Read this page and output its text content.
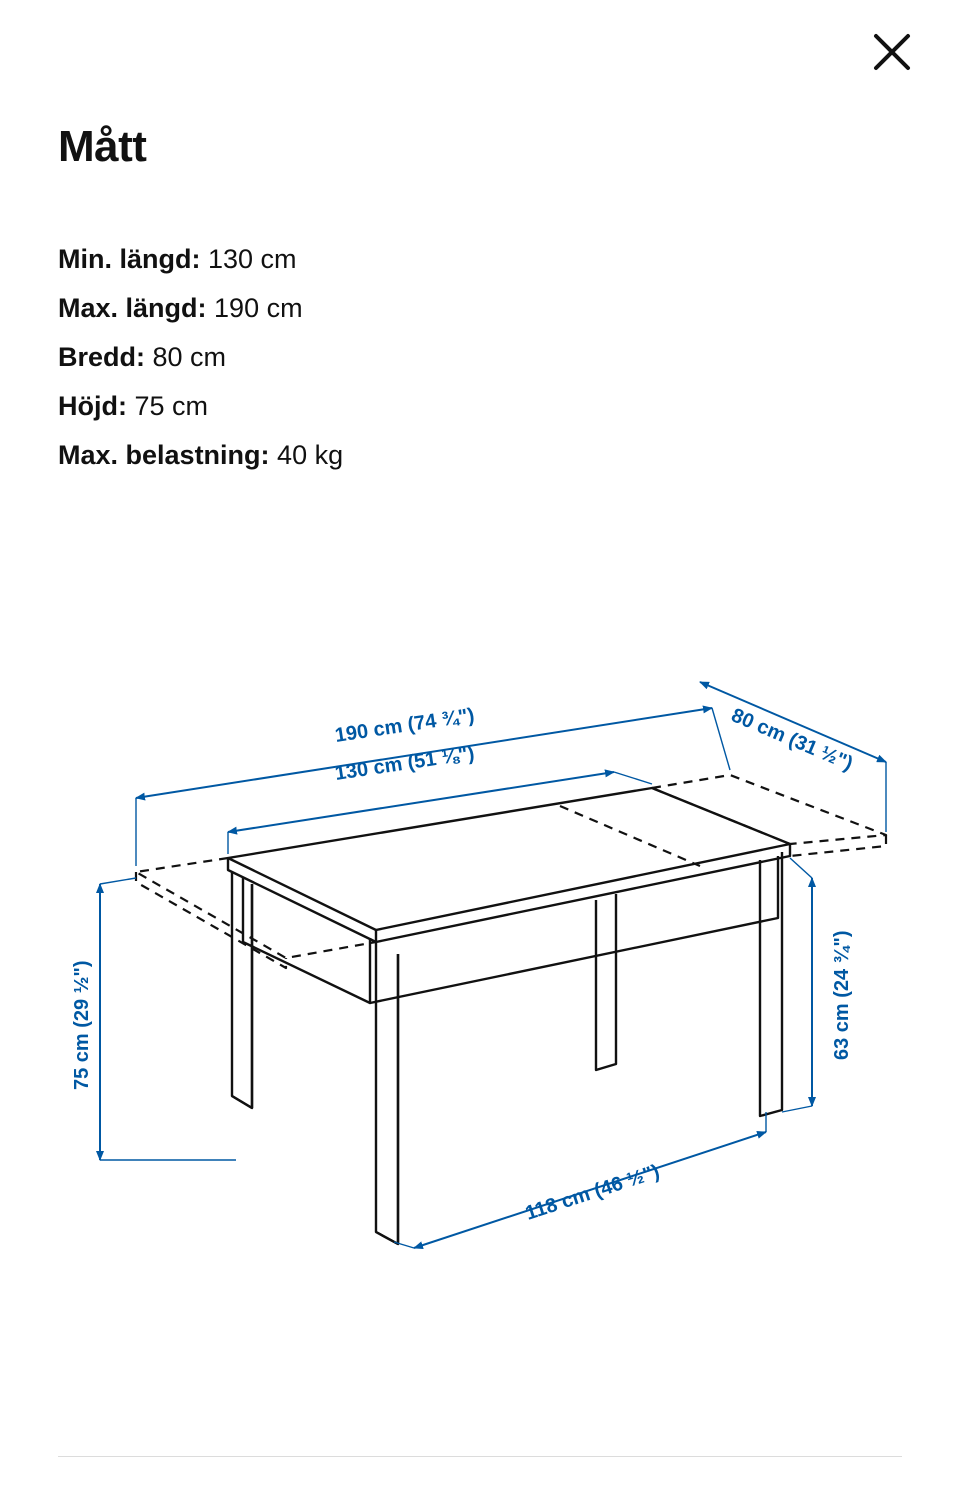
Mått
Min. längd: 130 cm
Max. längd: 190 cm
Bredd: 80 cm
Höjd: 75 cm
Max. belastning: 40 kg
190 cm (74 ¾")
130 cm (51 ⅛")	80 cm (31 ½")
75 cm (29 ½")	63 cm (24 ¾")
118 cm (46 ½")
